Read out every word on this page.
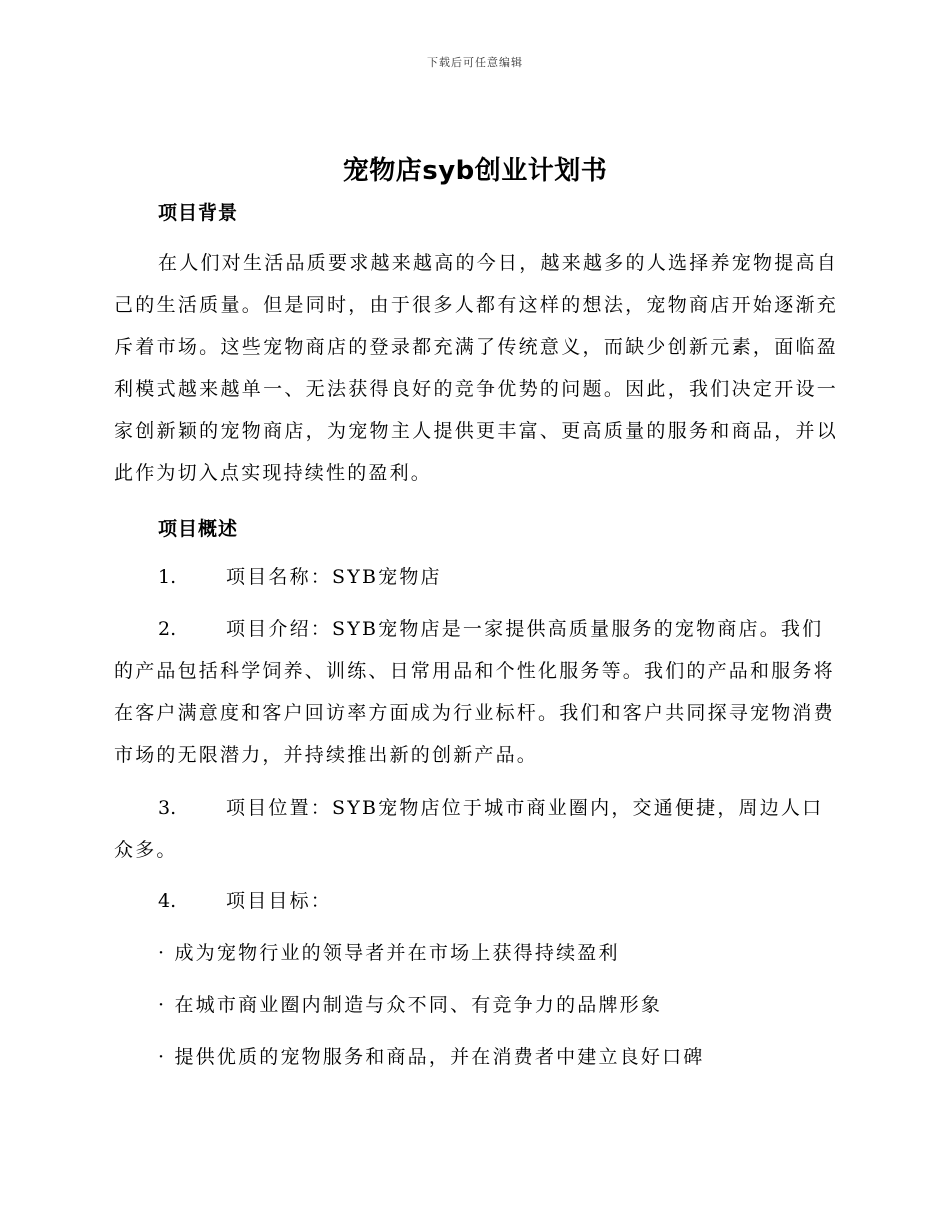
下载后可任意编辑
宠物店syb创业计划书
项目背景

在人们对生活品质要求越来越高的今日，越来越多的人选择养宠物提高自己的生活质量。但是同时，由于很多人都有这样的想法，宠物商店开始逐渐充斥着市场。这些宠物商店的登录都充满了传统意义，而缺少创新元素，面临盈利模式越来越单一、无法获得良好的竞争优势的问题。因此，我们决定开设一家创新颖的宠物商店，为宠物主人提供更丰富、更高质量的服务和商品，并以此作为切入点实现持续性的盈利。

项目概述

1.	项目名称：SYB宠物店

2.	项目介绍：SYB宠物店是一家提供高质量服务的宠物商店。我们的产品包括科学饲养、训练、日常用品和个性化服务等。我们的产品和服务将在客户满意度和客户回访率方面成为行业标杆。我们和客户共同探寻宠物消费市场的无限潜力，并持续推出新的创新产品。

3.	项目位置：SYB宠物店位于城市商业圈内，交通便捷，周边人口众多。

4.	项目目标：

· 成为宠物行业的领导者并在市场上获得持续盈利

· 在城市商业圈内制造与众不同、有竞争力的品牌形象

· 提供优质的宠物服务和商品，并在消费者中建立良好口碑
